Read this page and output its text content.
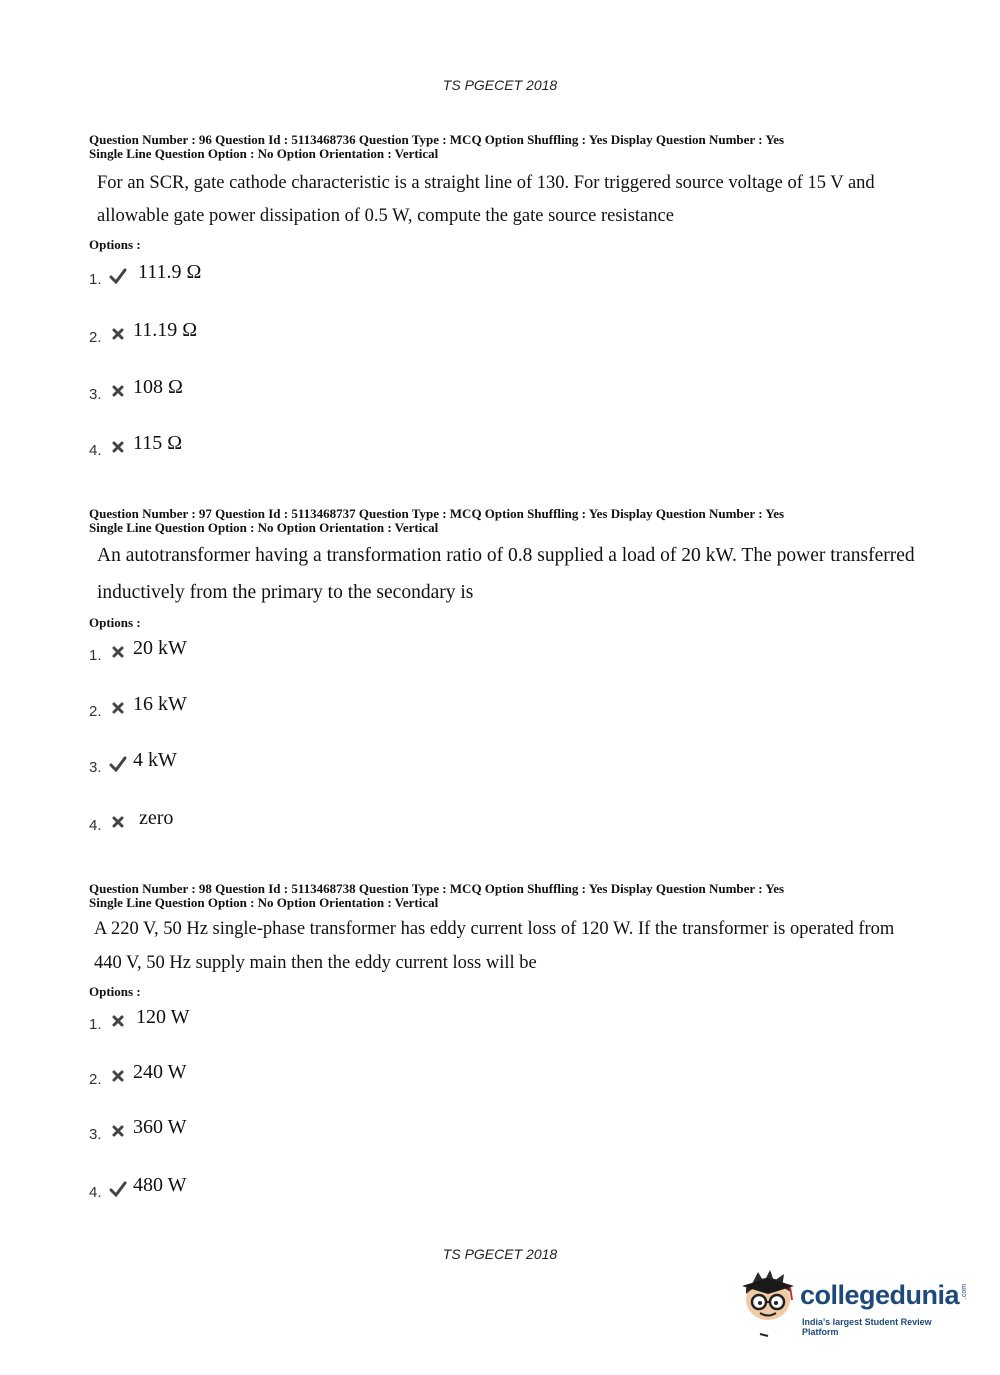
TS PGECET 2018
Question Number : 96 Question Id : 5113468736 Question Type : MCQ Option Shuffling : Yes Display Question Number : Yes
Single Line Question Option : No Option Orientation : Vertical
For an SCR, gate cathode characteristic is a straight line of 130. For triggered source voltage of 15 V and allowable gate power dissipation of 0.5 W, compute the gate source resistance
Options :
1. 111.9 Ω
2. 11.19 Ω
3. 108 Ω
4. 115 Ω
Question Number : 97 Question Id : 5113468737 Question Type : MCQ Option Shuffling : Yes Display Question Number : Yes
Single Line Question Option : No Option Orientation : Vertical
An autotransformer having a transformation ratio of 0.8 supplied a load of 20 kW. The power transferred inductively from the primary to the secondary is
Options :
1. 20 kW
2. 16 kW
3. 4 kW
4. zero
Question Number : 98 Question Id : 5113468738 Question Type : MCQ Option Shuffling : Yes Display Question Number : Yes
Single Line Question Option : No Option Orientation : Vertical
A 220 V, 50 Hz single-phase transformer has eddy current loss of 120 W. If the transformer is operated from 440 V, 50 Hz supply main then the eddy current loss will be
Options :
1. 120 W
2. 240 W
3. 360 W
4. 480 W
TS PGECET 2018
collegedunia .com
India's largest Student Review Platform
